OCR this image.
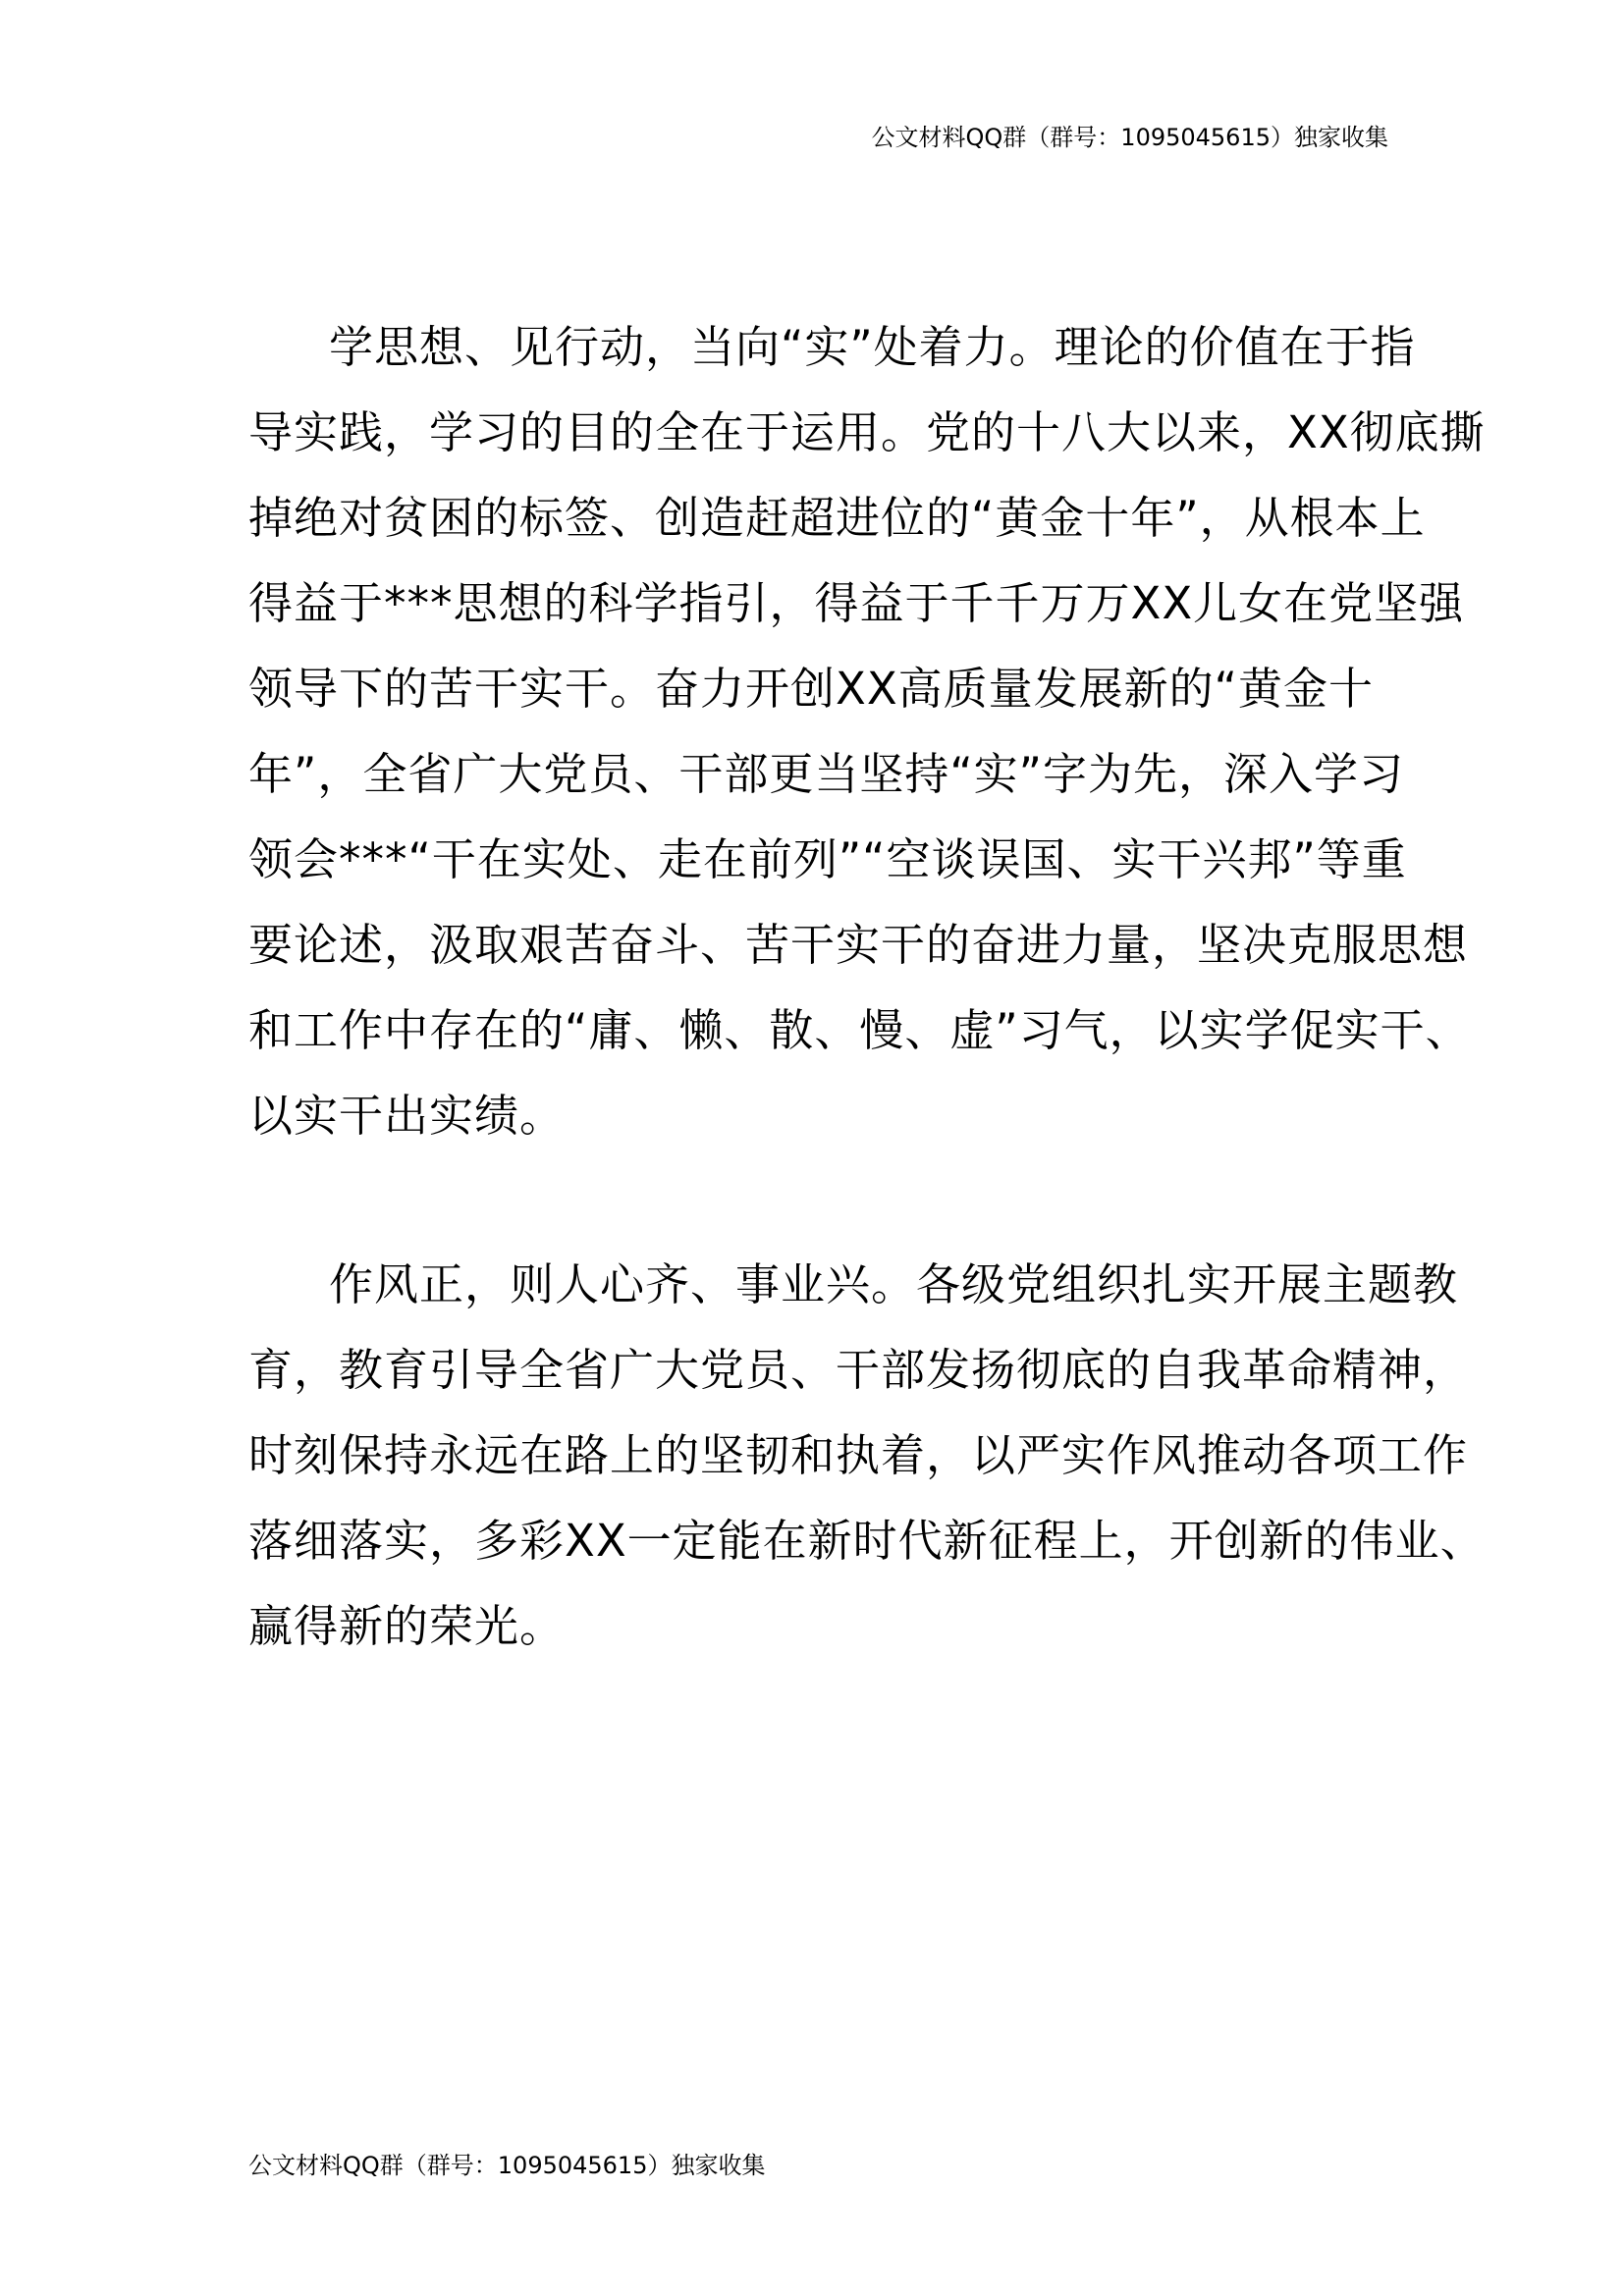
公文材料QQ群（群号：1095045615）独家收集
学思想、见行动，当向“实”处着力。理论的价值在于指
导实践，学习的目的全在于运用。党的十八大以来，XX彻底撕
掉绝对贫困的标签、创造赶超进位的“黄金十年”，从根本上
得益于***思想的科学指引，得益于千千万万XX儿女在党坚强
领导下的苦干实干。奋力开创XX高质量发展新的“黄金十
年”，全省广大党员、干部更当坚持“实”字为先，深入学习
领会***“干在实处、走在前列”“空谈误国、实干兴邦”等重
要论述，汲取艰苦奋斗、苦干实干的奋进力量，坚决克服思想
和工作中存在的“庸、懒、散、慢、虚”习气，以实学促实干、
以实干出实绩。
作风正，则人心齐、事业兴。各级党组织扎实开展主题教
育，教育引导全省广大党员、干部发扬彻底的自我革命精神，
时刻保持永远在路上的坚韧和执着，以严实作风推动各项工作
落细落实，多彩XX一定能在新时代新征程上，开创新的伟业、
赢得新的荣光。
公文材料QQ群（群号：1095045615）独家收集
